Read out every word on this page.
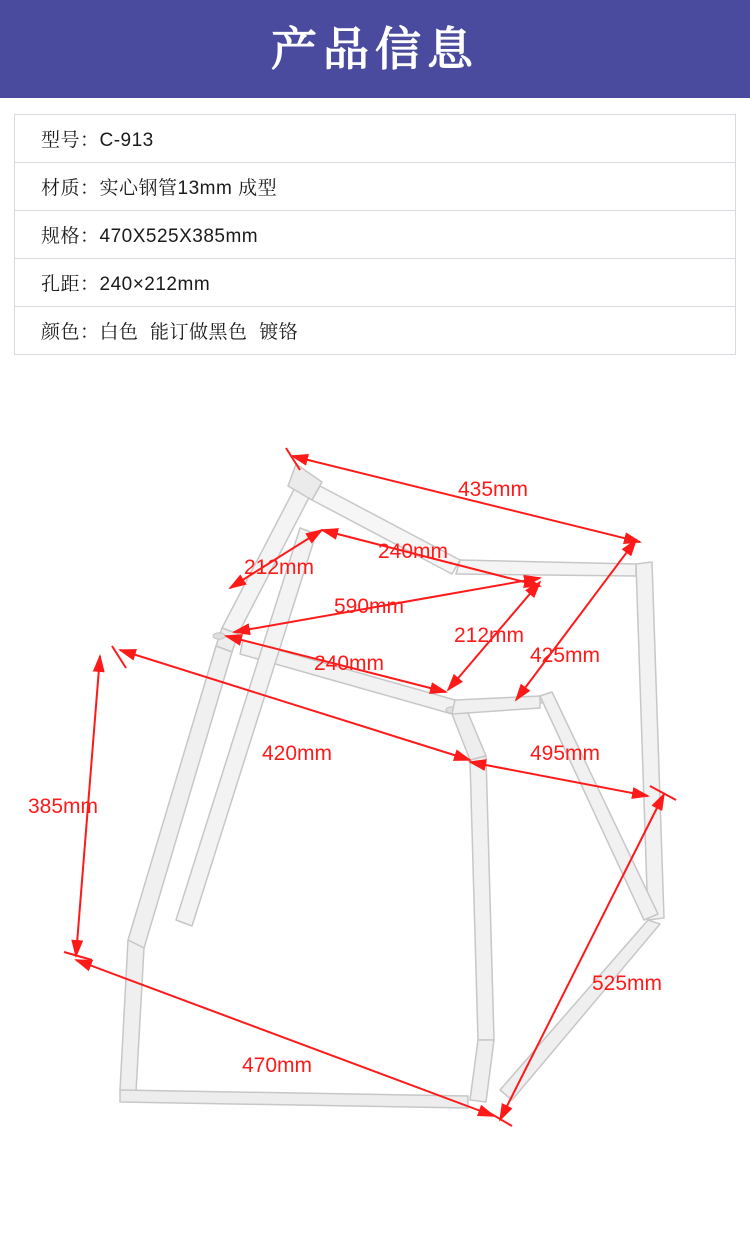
产品信息
型号：C-913
材质：实心钢管13mm 成型
规格：470X525X385mm
孔距：240×212mm
颜色：白色  能订做黑色  镀铬
435mm
240mm
212mm
590mm
212mm
240mm	425mm
420mm	495mm
385mm
525mm
470mm
